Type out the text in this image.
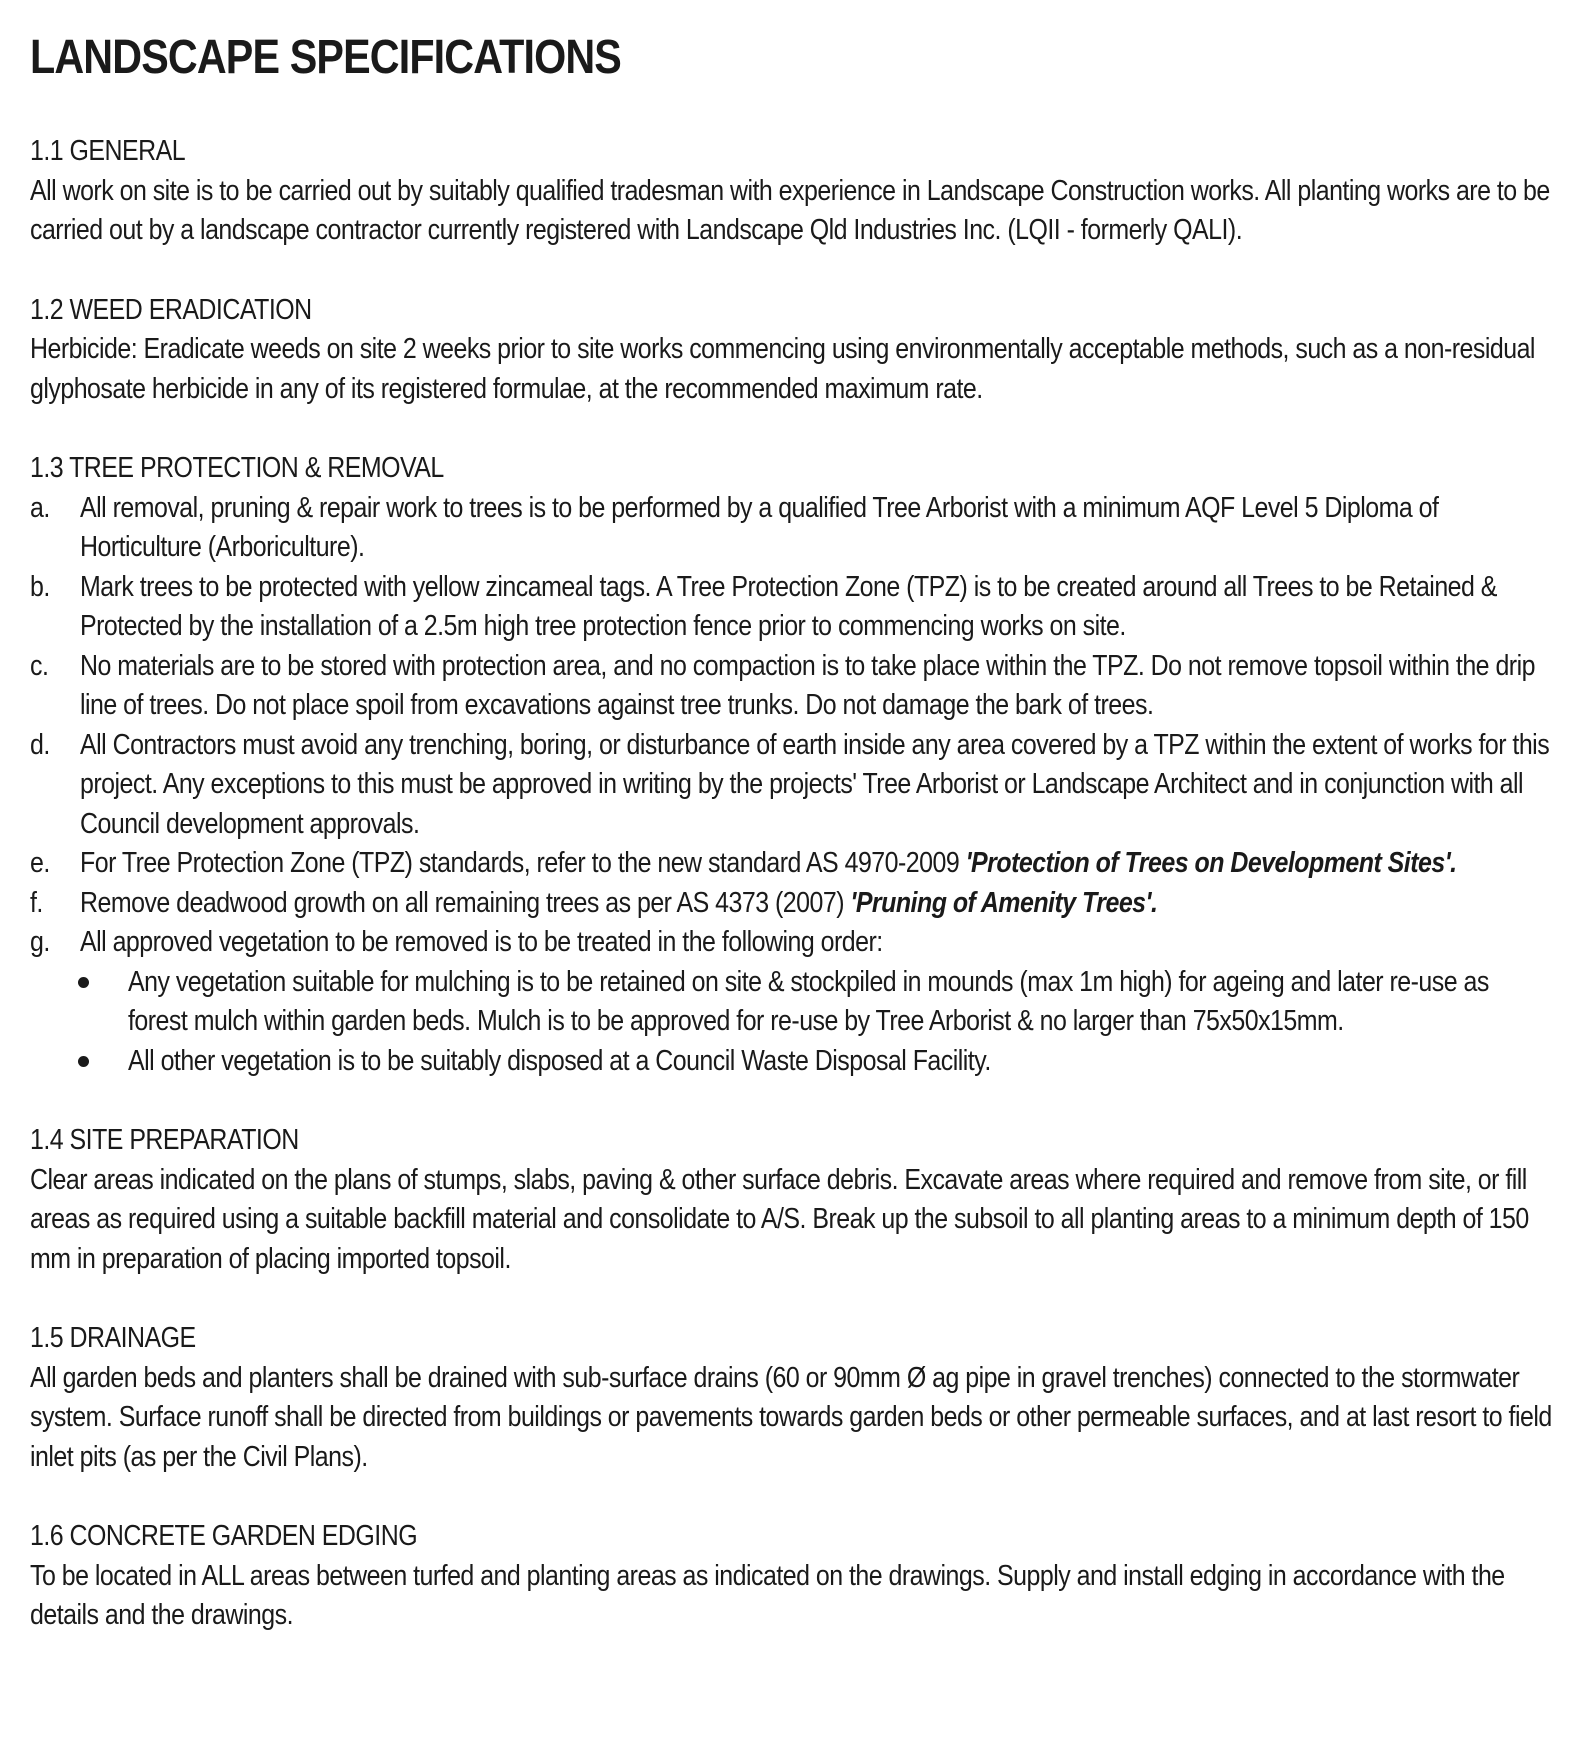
LANDSCAPE SPECIFICATIONS

1.1 GENERAL

All work on site is to be carried out by suitably qualified tradesman with experience in Landscape Construction works. All planting works are to be carried out by a landscape contractor currently registered with Landscape Qld Industries Inc. (LQII - formerly QALI).

1.2 WEED ERADICATION

Herbicide: Eradicate weeds on site 2 weeks prior to site works commencing using environmentally acceptable methods, such as a non-residual glyphosate herbicide in any of its registered formulae, at the recommended maximum rate.

1.3 TREE PROTECTION & REMOVAL

a.	All removal, pruning & repair work to trees is to be performed by a qualified Tree Arborist with a minimum AQF Level 5 Diploma of Horticulture (Arboriculture).
b.	Mark trees to be protected with yellow zincameal tags. A Tree Protection Zone (TPZ) is to be created around all Trees to be Retained & Protected by the installation of a 2.5m high tree protection fence prior to commencing works on site.
c.	No materials are to be stored with protection area, and no compaction is to take place within the TPZ. Do not remove topsoil within the drip line of trees. Do not place spoil from excavations against tree trunks. Do not damage the bark of trees.
d.	All Contractors must avoid any trenching, boring, or disturbance of earth inside any area covered by a TPZ within the extent of works for this project. Any exceptions to this must be approved in writing by the projects' Tree Arborist or Landscape Architect and in conjunction with all Council development approvals.
e.	For Tree Protection Zone (TPZ) standards, refer to the new standard AS 4970-2009 'Protection of Trees on Development Sites'.
f.	Remove deadwood growth on all remaining trees as per AS 4373 (2007) 'Pruning of Amenity Trees'.
g.	All approved vegetation to be removed is to be treated in the following order:
Any vegetation suitable for mulching is to be retained on site & stockpiled in mounds (max 1m high) for ageing and later re-use as forest mulch within garden beds. Mulch is to be approved for re-use by Tree Arborist & no larger than 75x50x15mm.
All other vegetation is to be suitably disposed at a Council Waste Disposal Facility.

1.4 SITE PREPARATION

Clear areas indicated on the plans of stumps, slabs, paving & other surface debris. Excavate areas where required and remove from site, or fill areas as required using a suitable backfill material and consolidate to A/S. Break up the subsoil to all planting areas to a minimum depth of 150 mm in preparation of placing imported topsoil.

1.5 DRAINAGE

All garden beds and planters shall be drained with sub-surface drains (60 or 90mm Ø ag pipe in gravel trenches) connected to the stormwater system. Surface runoff shall be directed from buildings or pavements towards garden beds or other permeable surfaces, and at last resort to field inlet pits (as per the Civil Plans).

1.6 CONCRETE GARDEN EDGING

To be located in ALL areas between turfed and planting areas as indicated on the drawings. Supply and install edging in accordance with the details and the drawings.
